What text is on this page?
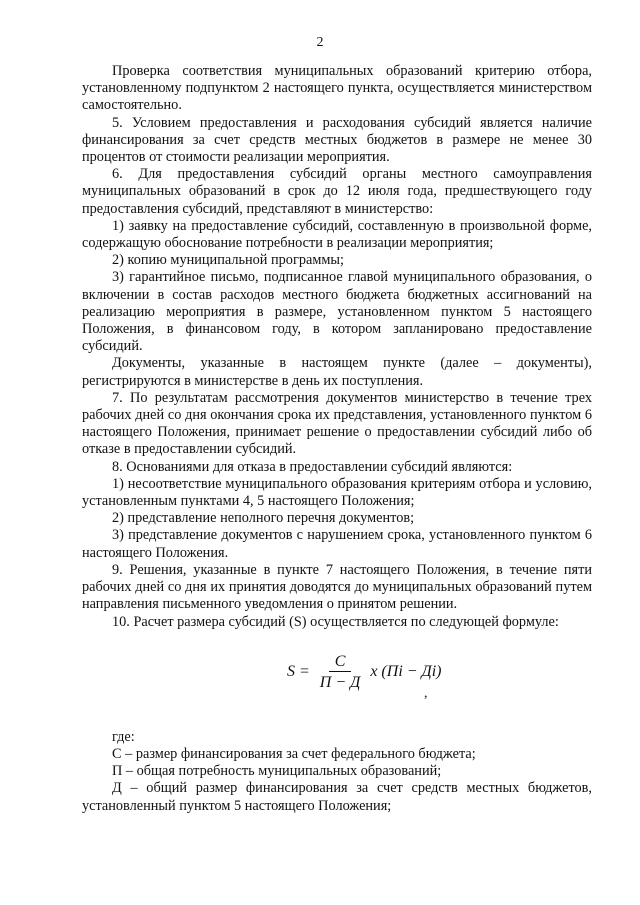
2

Проверка соответствия муниципальных образований критерию отбора, установленному подпунктом 2 настоящего пункта, осуществляется министерством самостоятельно.

5. Условием предоставления и расходования субсидий является наличие финансирования за счет средств местных бюджетов в размере не менее 30 процентов от стоимости реализации мероприятия.

6. Для предоставления субсидий органы местного самоуправления муниципальных образований в срок до 12 июля года, предшествующего году предоставления субсидий, представляют в министерство:

1) заявку на предоставление субсидий, составленную в произвольной форме, содержащую обоснование потребности в реализации мероприятия;

2) копию муниципальной программы;

3) гарантийное письмо, подписанное главой муниципального образования, о включении в состав расходов местного бюджета бюджетных ассигнований на реализацию мероприятия в размере, установленном пунктом 5 настоящего Положения, в финансовом году, в котором запланировано предоставление субсидий.

Документы, указанные в настоящем пункте (далее – документы), регистрируются в министерстве в день их поступления.

7. По результатам рассмотрения документов министерство в течение трех рабочих дней со дня окончания срока их представления, установленного пунктом 6 настоящего Положения, принимает решение о предоставлении субсидий либо об отказе в предоставлении субсидий.

8. Основаниями для отказа в предоставлении субсидий являются:

1) несоответствие муниципального образования критериям отбора и условию, установленным пунктами 4, 5 настоящего Положения;

2) представление неполного перечня документов;

3) представление документов с нарушением срока, установленного пунктом 6 настоящего Положения.

9. Решения, указанные в пункте 7 настоящего Положения, в течение пяти рабочих дней со дня их принятия доводятся до муниципальных образований путем направления письменного уведомления о принятом решении.

10. Расчет размера субсидий (S) осуществляется по следующей формуле:

$S = \frac{C}{П - Д}$ x (Пi − Дi)
,

где:

С – размер финансирования за счет федерального бюджета;

П – общая потребность муниципальных образований;

Д – общий размер финансирования за счет средств местных бюджетов, установленный пунктом 5 настоящего Положения;
